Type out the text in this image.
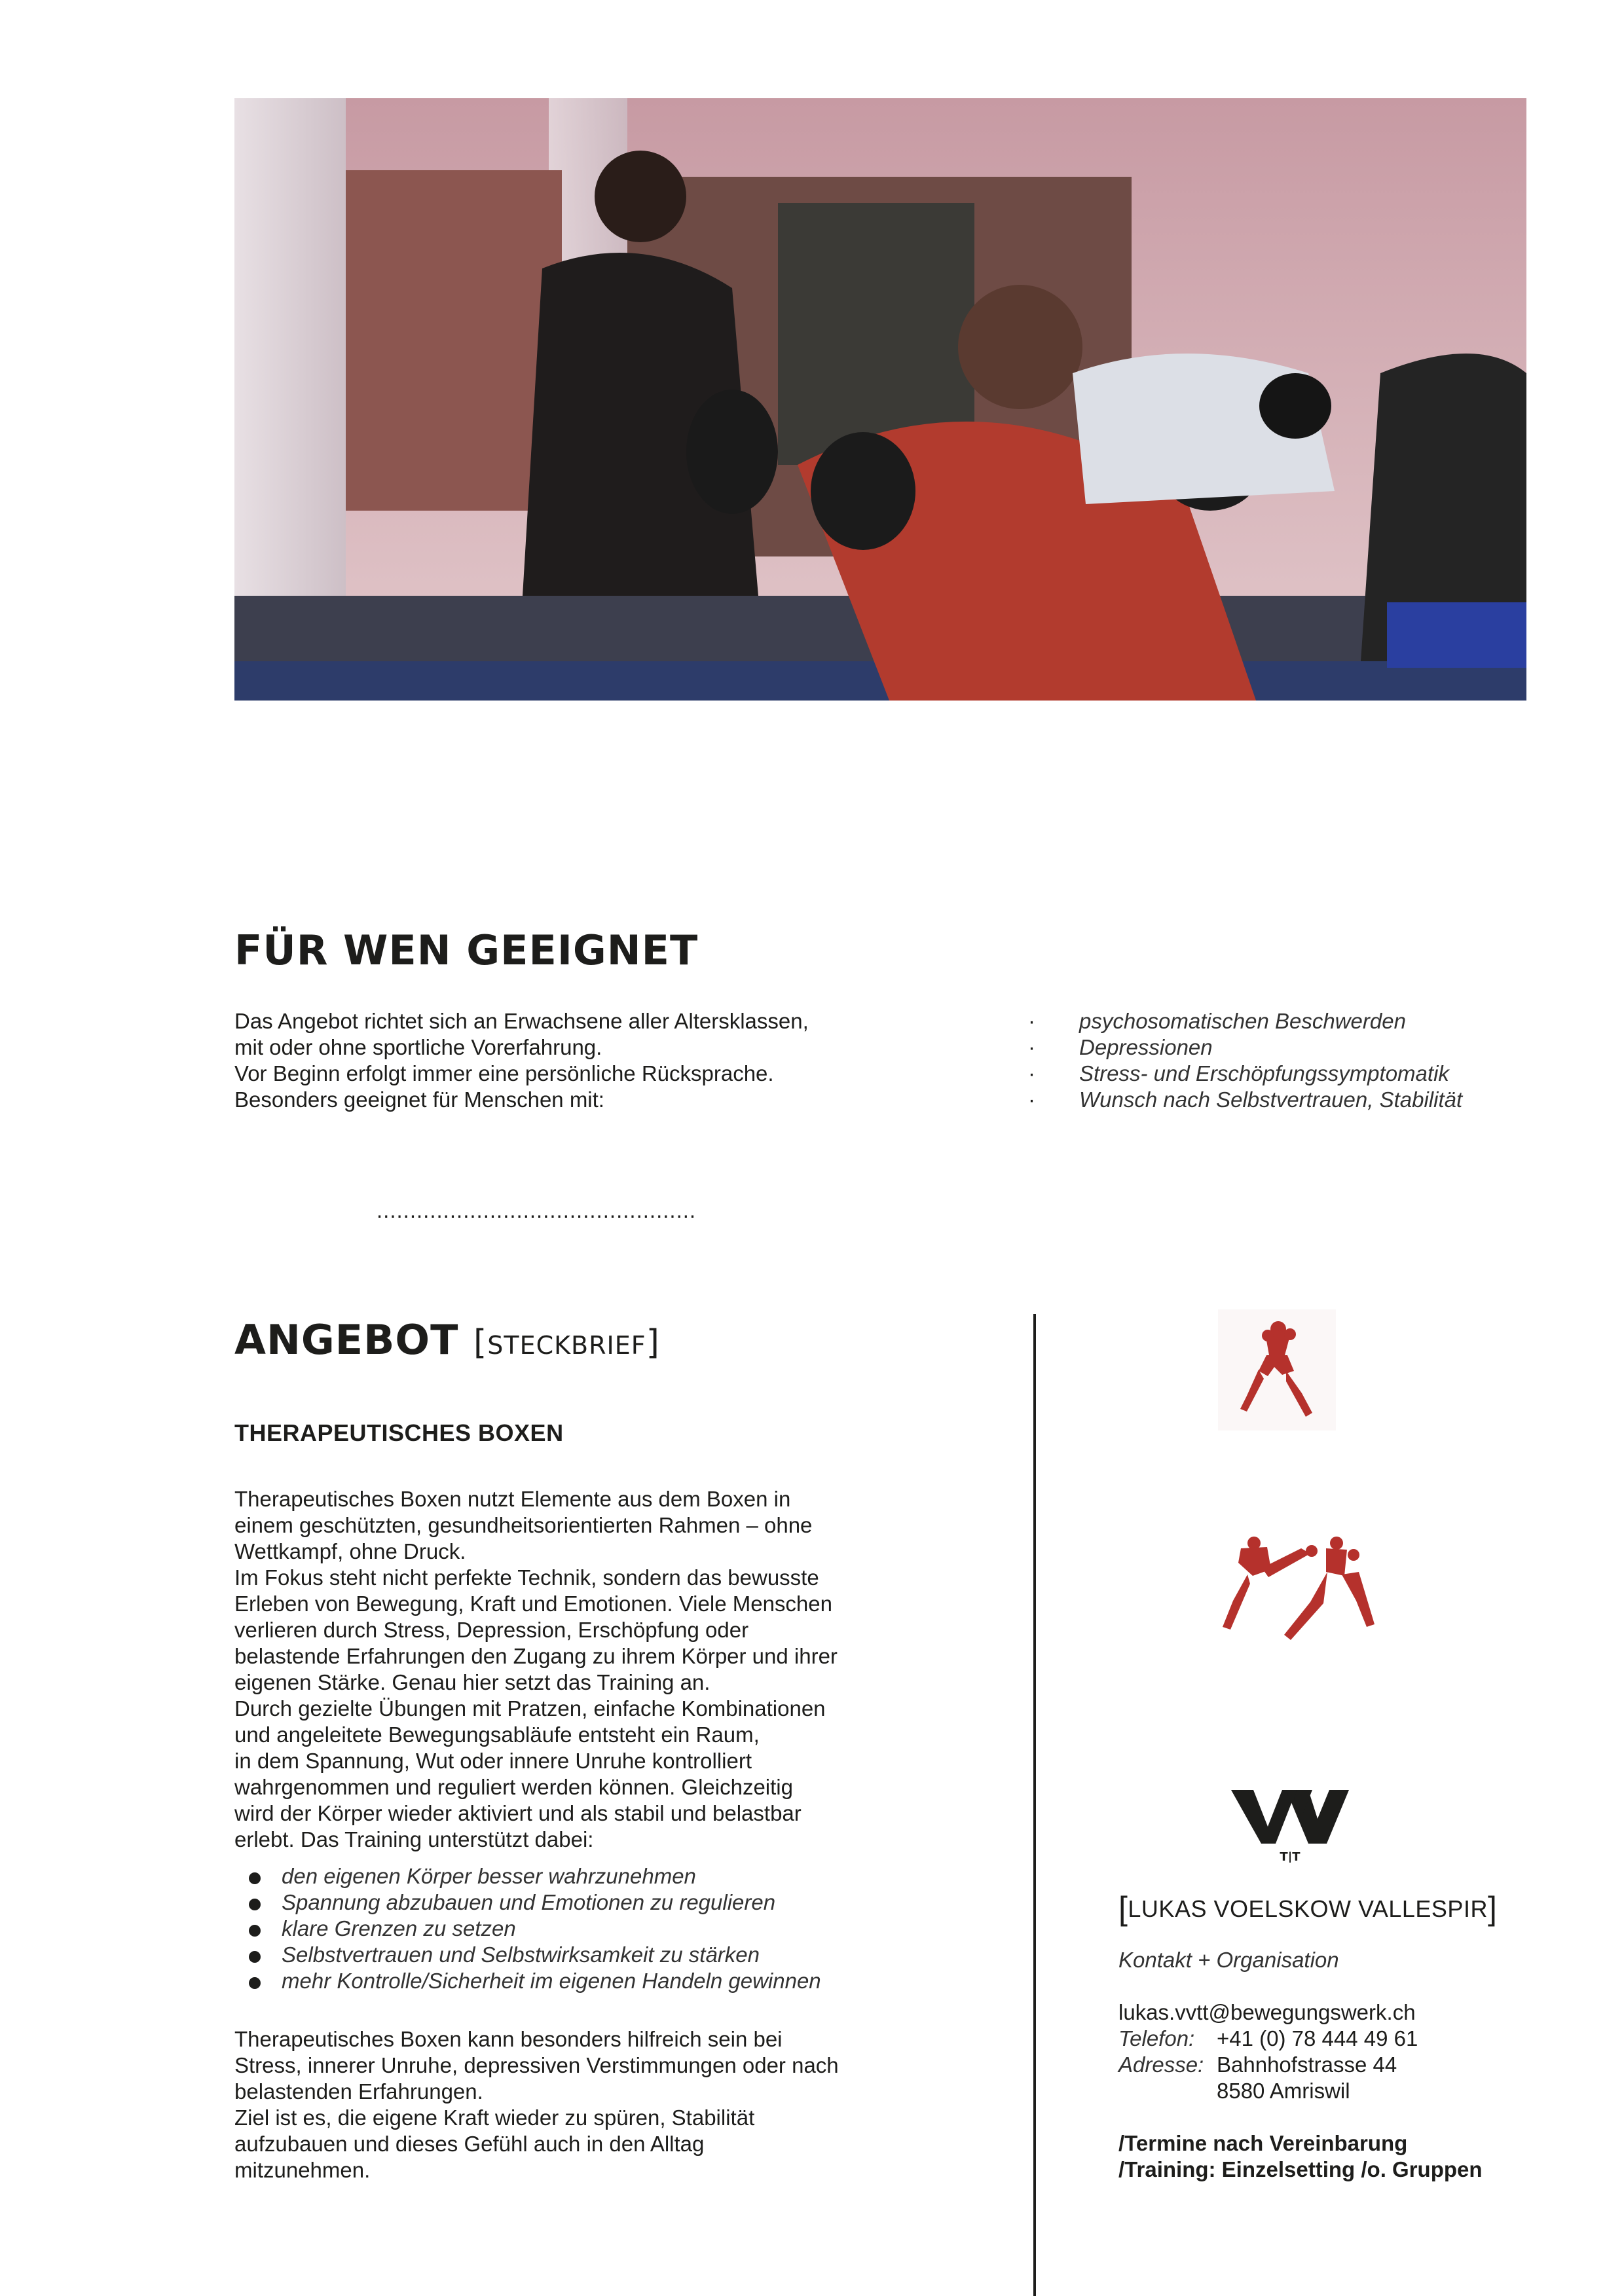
FÜR WEN GEEIGNET

Das Angebot richtet sich an Erwachsene aller Altersklassen,

mit oder ohne sportliche Vorerfahrung.

Vor Beginn erfolgt immer eine persönliche Rücksprache.

Besonders geeignet für Menschen mit:

· psychosomatischen Beschwerden
· Depressionen
· Stress- und Erschöpfungssymptomatik
· Wunsch nach Selbstvertrauen, Stabilität
................................................
ANGEBOT [STECKBRIEF]
THERAPEUTISCHES BOXEN

Therapeutisches Boxen nutzt Elemente aus dem Boxen in

einem geschützten, gesundheitsorientierten Rahmen – ohne

Wettkampf, ohne Druck.

Im Fokus steht nicht perfekte Technik, sondern das bewusste

Erleben von Bewegung, Kraft und Emotionen. Viele Menschen

verlieren durch Stress, Depression, Erschöpfung oder

belastende Erfahrungen den Zugang zu ihrem Körper und ihrer

eigenen Stärke. Genau hier setzt das Training an.

Durch gezielte Übungen mit Pratzen, einfache Kombinationen

und angeleitete Bewegungsabläufe entsteht ein Raum,

in dem Spannung, Wut oder innere Unruhe kontrolliert

wahrgenommen und reguliert werden können. Gleichzeitig

wird der Körper wieder aktiviert und als stabil und belastbar

erlebt. Das Training unterstützt dabei:

den eigenen Körper besser wahrzunehmen
Spannung abzubauen und Emotionen zu regulieren
klare Grenzen zu setzen
Selbstvertrauen und Selbstwirksamkeit zu stärken
mehr Kontrolle/Sicherheit im eigenen Handeln gewinnen

Therapeutisches Boxen kann besonders hilfreich sein bei

Stress, innerer Unruhe, depressiven Verstimmungen oder nach

belastenden Erfahrungen.

Ziel ist es, die eigene Kraft wieder zu spüren, Stabilität

aufzubauen und dieses Gefühl auch in den Alltag

mitzunehmen.

T|T
[LUKAS VOELSKOW VALLESPIR]
Kontakt + Organisation
lukas.vvtt@bewegungswerk.ch
Telefon:	+41 (0) 78 444 49 61
Adresse: Bahnhofstrasse 44
8580 Amriswil
/Termine nach Vereinbarung
/Training: Einzelsetting /o. Gruppen
